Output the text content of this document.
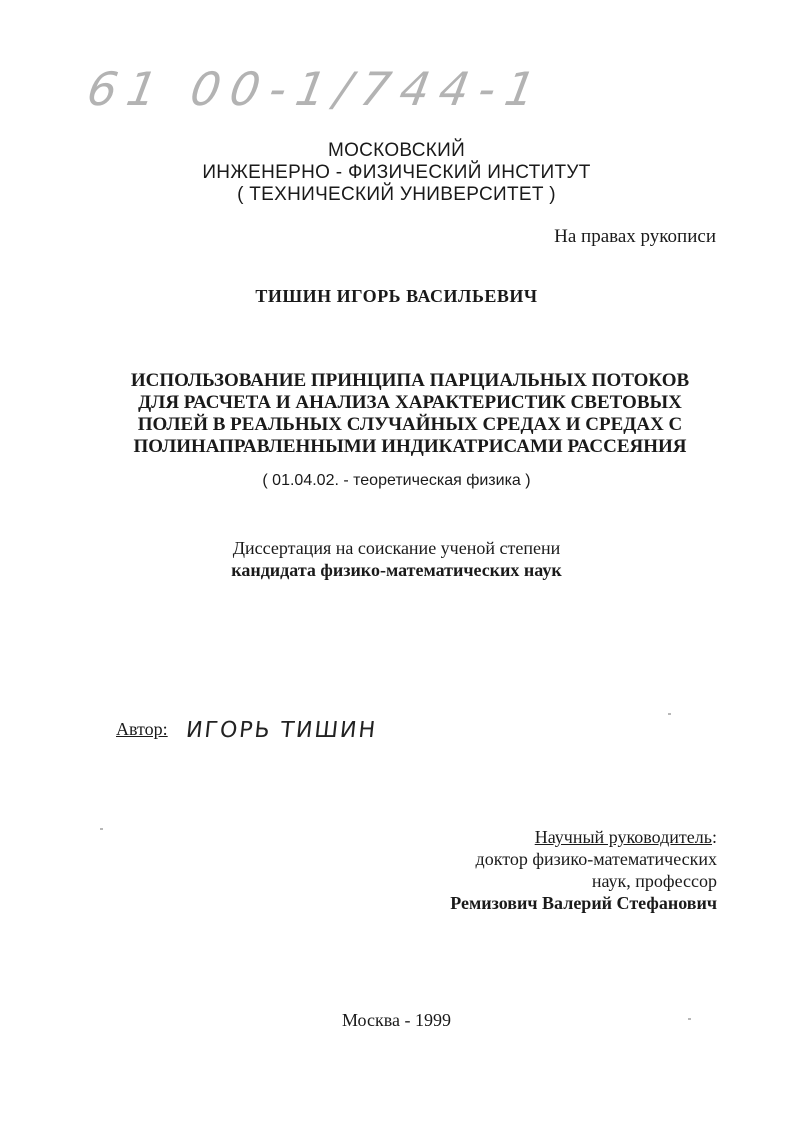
61 00-1/744-1
МОСКОВСКИЙ
ИНЖЕНЕРНО - ФИЗИЧЕСКИЙ ИНСТИТУТ
( ТЕХНИЧЕСКИЙ УНИВЕРСИТЕТ )
На правах рукописи
ТИШИН ИГОРЬ ВАСИЛЬЕВИЧ
ИСПОЛЬЗОВАНИЕ ПРИНЦИПА ПАРЦИАЛЬНЫХ ПОТОКОВ
ДЛЯ РАСЧЕТА И АНАЛИЗА ХАРАКТЕРИСТИК СВЕТОВЫХ
ПОЛЕЙ В РЕАЛЬНЫХ СЛУЧАЙНЫХ СРЕДАХ И СРЕДАХ С
ПОЛИНАПРАВЛЕННЫМИ ИНДИКАТРИСАМИ РАССЕЯНИЯ
( 01.04.02. - теоретическая физика )
Диссертация на соискание ученой степени
кандидата физико-математических наук
Автор: ИГОРЬ ТИШИН
Научный руководитель:
доктор физико-математических
наук, профессор
Ремизович Валерий Стефанович
Москва - 1999
